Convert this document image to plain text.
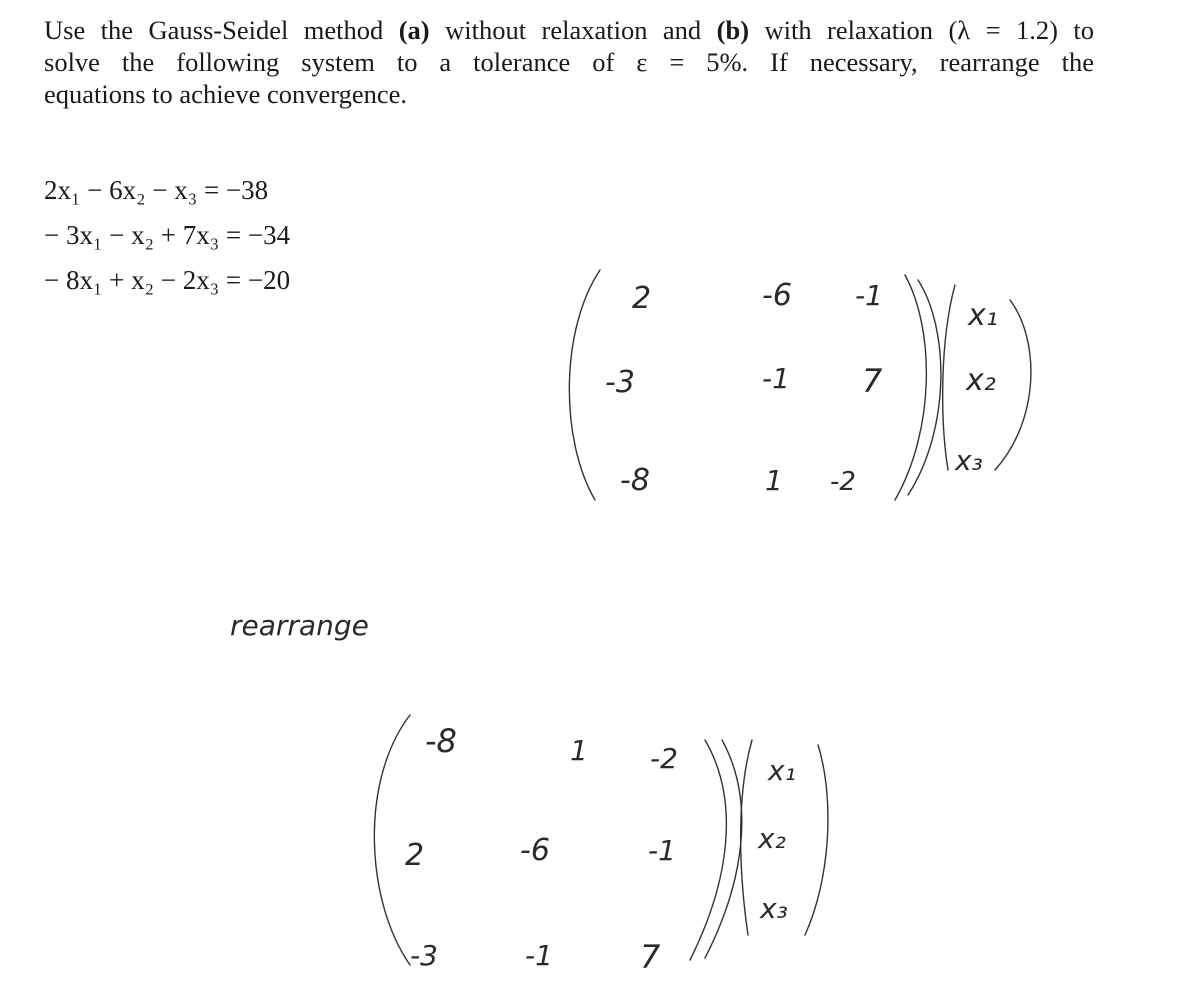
Use the Gauss-Seidel method (a) without relaxation and (b) with relaxation (λ = 1.2) to
solve the following system to a tolerance of ε = 5%. If necessary, rearrange the
equations to achieve convergence.
2x₁ − 6x₂ − x₃ = −38
− 3x₁ − x₂ + 7x₃ = −34
− 8x₁ + x₂ − 2x₃ = −20
2	-6 -1
-3	-1 7
-8	1 -2
x₁
x₂
x₃
rearrange
-8	1 -2
2	-6	-1
-3	-1	7
x₁
x₂
x₃
